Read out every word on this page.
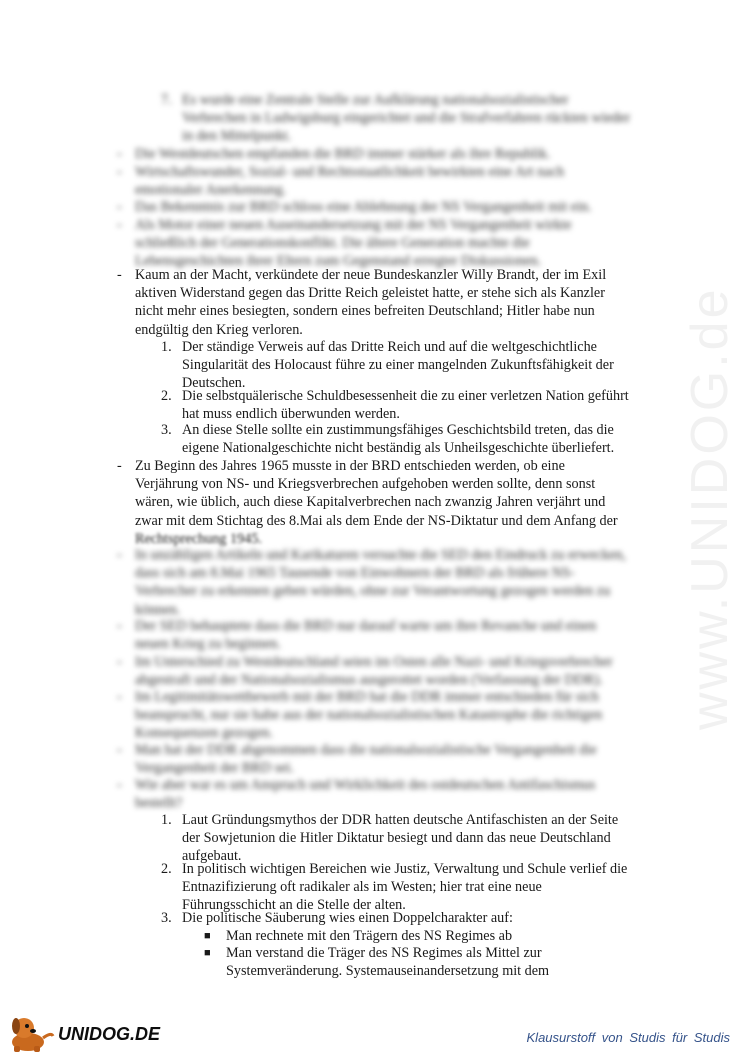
www.UNIDOG.de
7. Es wurde eine Zentrale Stelle zur Aufklärung nationalsozialistischer
Verbrechen in Ludwigsburg eingerichtet und die Strafverfahren rückten wieder
in den Mittelpunkt.
- Die Westdeutschen empfanden die BRD immer stärker als ihre Republik.
- Wirtschaftswunder, Sozial- und Rechtsstaatlichkeit bewirkten eine Art nach
emotionaler Anerkennung.
- Das Bekenntnis zur BRD schloss eine Ablehnung der NS Vergangenheit mit ein.
- Als Motor einer neuen Auseinandersetzung mit der NS Vergangenheit wirkte
schließlich der Generationskonflikt. Die ältere Generation machte die
Lebensgeschichten ihrer Eltern zum Gegenstand erregter Diskussionen.
- Kaum an der Macht, verkündete der neue Bundeskanzler Willy Brandt, der im Exil
aktiven Widerstand gegen das Dritte Reich geleistet hatte, er stehe sich als Kanzler
nicht mehr eines besiegten, sondern eines befreiten Deutschland; Hitler habe nun
endgültig den Krieg verloren.
1. Der ständige Verweis auf das Dritte Reich und auf die weltgeschichtliche
Singularität des Holocaust führe zu einer mangelnden Zukunftsfähigkeit der
Deutschen.
2. Die selbstquälerische Schuldbesessenheit die zu einer verletzen Nation geführt
hat muss endlich überwunden werden.
3. An diese Stelle sollte ein zustimmungsfähiges Geschichtsbild treten, das die
eigene Nationalgeschichte nicht beständig als Unheilsgeschichte überliefert.
- Zu Beginn des Jahres 1965 musste in der BRD entschieden werden, ob eine
Verjährung von NS- und Kriegsverbrechen aufgehoben werden sollte, denn sonst
wären, wie üblich, auch diese Kapitalverbrechen nach zwanzig Jahren verjährt und
zwar mit dem Stichtag des 8.Mai als dem Ende der NS-Diktatur und dem Anfang der
Rechtsprechung 1945.
- In unzähligen Artikeln und Karikaturen versuchte die SED den Eindruck zu erwecken,
dass sich am 8.Mai 1965 Tausende von Einwohnern der BRD als frühere NS-
Verbrecher zu erkennen geben würden, ohne zur Verantwortung gezogen werden zu
können.
- Der SED behauptete dass die BRD nur darauf warte um ihre Revanche und einen
neuen Krieg zu beginnen.
- Im Unterschied zu Westdeutschland seien im Osten alle Nazi- und Kriegsverbrecher
abgestraft und der Nationalsozialismus ausgerottet worden (Verfassung der DDR).
- Im Legitimitätswettbewerb mit der BRD hat die DDR immer entschieden für sich
beansprucht, nur sie habe aus der nationalsozialistischen Katastrophe die richtigen
Konsequenzen gezogen.
- Man hat der DDR abgenommen dass die nationalsozialistische Vergangenheit die
Vergangenheit der BRD sei.
- Wie aber war es um Anspruch und Wirklichkeit des ostdeutschen Antifaschismus
bestellt?
1. Laut Gründungsmythos der DDR hatten deutsche Antifaschisten an der Seite
der Sowjetunion die Hitler Diktatur besiegt und dann das neue Deutschland
aufgebaut.
2. In politisch wichtigen Bereichen wie Justiz, Verwaltung und Schule verlief die
Entnazifizierung oft radikaler als im Westen; hier trat eine neue
Führungsschicht an die Stelle der alten.
3. Die politische Säuberung wies einen Doppelcharakter auf:
■ Man rechnete mit den Trägern des NS Regimes ab
■ Man verstand die Träger des NS Regimes als Mittel zur
Systemveränderung. Systemauseinandersetzung mit dem
UNIDOG.DE	Klausurstoff von Studis für Studis
